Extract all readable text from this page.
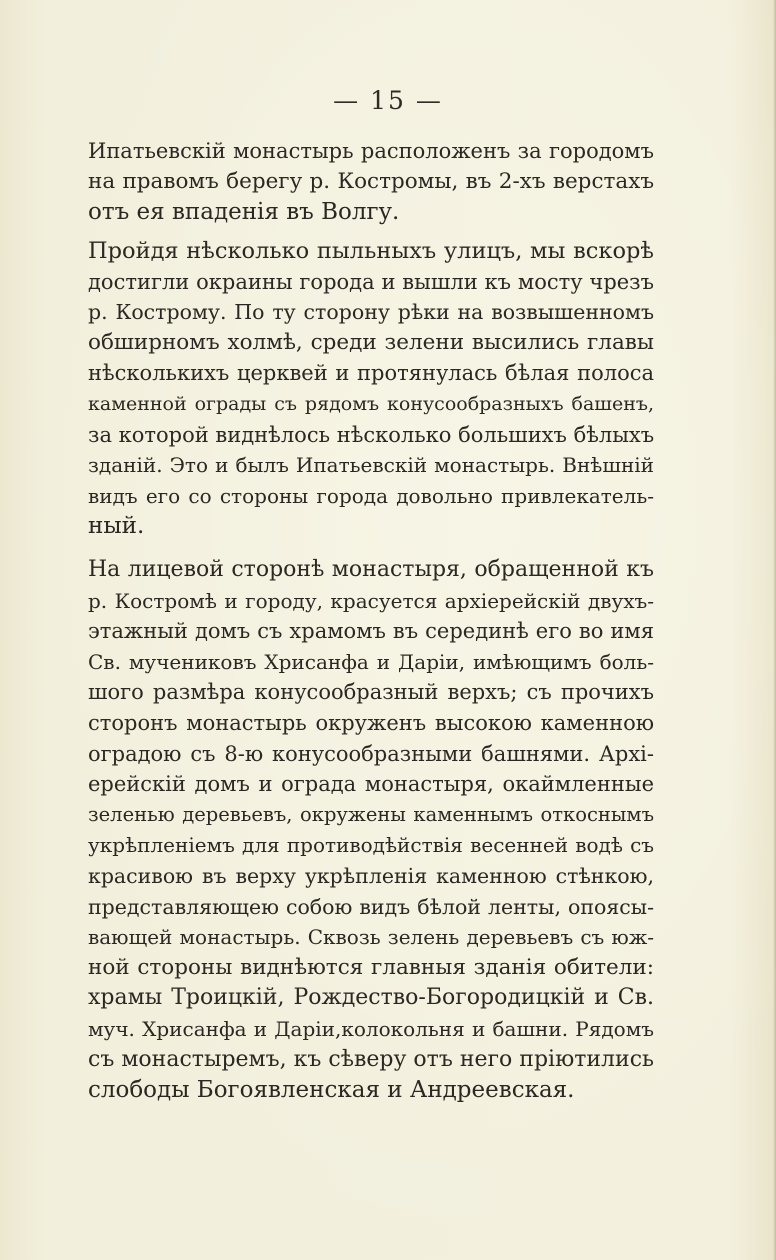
— 15 —
Ипатьевскій монастырь расположенъ за городомъ
на правомъ берегу р. Костромы, въ 2-хъ верстахъ
отъ ея впаденія въ Волгу.
Пройдя нѣсколько пыльныхъ улицъ, мы вскорѣ
достигли окраины города и вышли къ мосту чрезъ
р. Кострому. По ту сторону рѣки на возвышенномъ
обширномъ холмѣ, среди зелени высились главы
нѣсколькихъ церквей и протянулась бѣлая полоса
каменной ограды съ рядомъ конусообразныхъ башенъ,
за которой виднѣлось нѣсколько большихъ бѣлыхъ
зданій. Это и былъ Ипатьевскій монастырь. Внѣшній
видъ его со стороны города довольно привлекатель-
ный.
На лицевой сторонѣ монастыря, обращенной къ
р. Костромѣ и городу, красуется архіерейскій двухъ-
этажный домъ съ храмомъ въ серединѣ его во имя
Св. мучениковъ Хрисанфа и Даріи, имѣющимъ боль-
шого размѣра конусообразный верхъ; съ прочихъ
сторонъ монастырь окруженъ высокою каменною
оградою съ 8-ю конусообразными башнями. Архі-
ерейскій домъ и ограда монастыря, окаймленные
зеленью деревьевъ, окружены каменнымъ откоснымъ
укрѣпленіемъ для противодѣйствія весенней водѣ съ
красивою въ верху укрѣпленія каменною стѣнкою,
представляющею собою видъ бѣлой ленты, опоясы-
вающей монастырь. Сквозь зелень деревьевъ съ юж-
ной стороны виднѣются главныя зданія обители:
храмы Троицкій, Рождество-Богородицкій и Св.
муч. Хрисанфа и Даріи,колокольня и башни. Рядомъ
съ монастыремъ, къ сѣверу отъ него пріютились
слободы Богоявленская и Андреевская.
